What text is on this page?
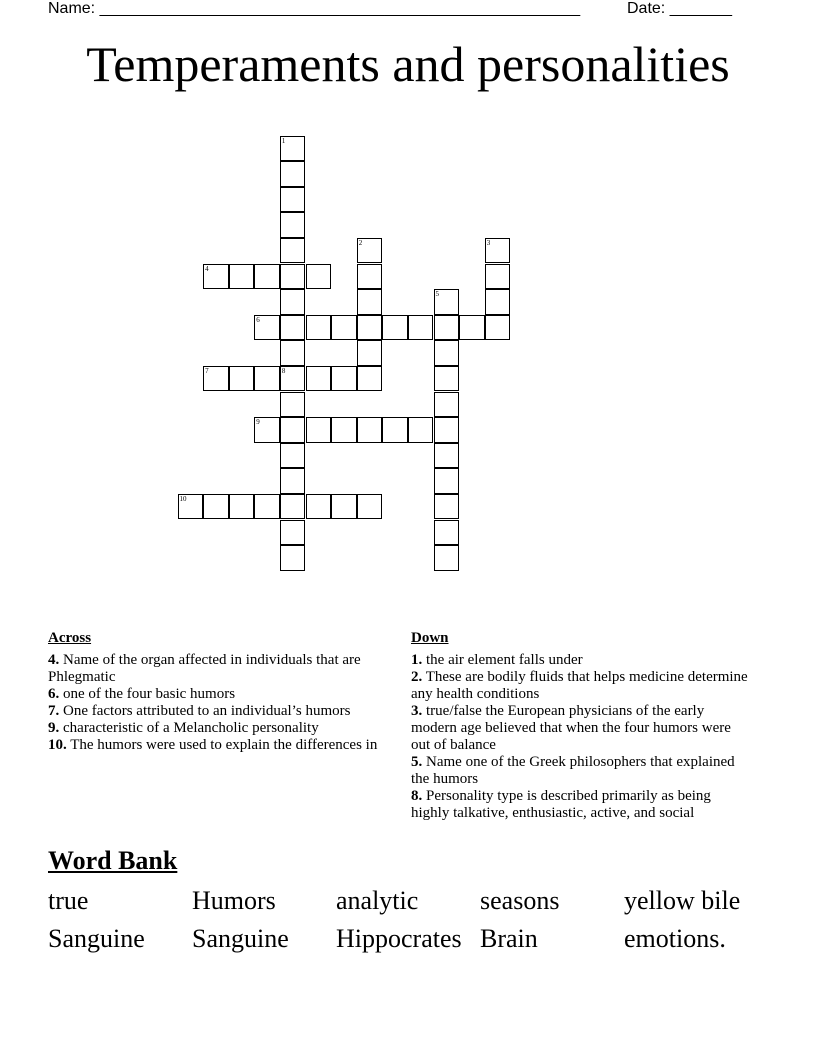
Name: ______________________________________________________	Date: _______
Temperaments and personalities
1
8
2	3
5
4
6
7
9
10
Across
4. Name of the organ affected in individuals that are Phlegmatic
6. one of the four basic humors
7. One factors attributed to an individual’s humors
9. characteristic of a Melancholic personality
10. The humors were used to explain the differences in
Down
1. the air element falls under
2. These are bodily fluids that helps medicine determine any health conditions
3. true/false the European physicians of the early modern age believed that when the four humors were out of balance
5. Name one of the Greek philosophers that explained the humors
8. Personality type is described primarily as being highly talkative, enthusiastic, active, and social
Word Bank
true	Humors analytic seasons yellow bile
Sanguine Sanguine Hippocrates Brain	emotions.
